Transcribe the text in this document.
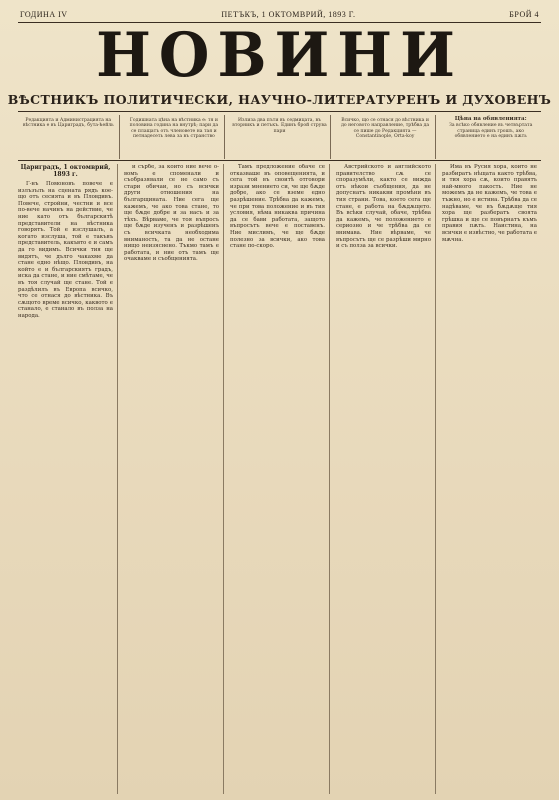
ГОДИНА IV	ПЕТЪКЪ, 1 ОКТОМВРИЙ, 1893 Г.	БРОЙ 4
НОВИНИ
ВѢСТНИКЪ ПОЛИТИЧЕСКИ, НАУЧНО-ЛИТЕРАТУРЕНЪ И ДУХОВЕНЪ
Редакцията и Администрацията на вѣстника е въ Цариградъ, бута-ћейль
Годишната цѣна на вѣстника е: тя и половина година на внутрѣ; пари да се плащатъ отъ членовете на тая и петнадесеть лева за въ странство
Излиза два пъти въ седмицата, въ вторникъ и петъкъ. Единъ брой струва пари
Всичко, що се отнася до вѣстника и до неговото направление, трѣбва да се пише до Редакцията — Constantinople, Orta-koy
Цѣна на обявленията:
За всѣко обявление въ четвъртата страница единъ грошъ, ако обявлението е на единъ пѫть
Цариградъ, 1 октомврий, 1893 г.

Г-нъ Помоновъ повече е излъзълъ на сцената рядъ кое-що отъ сесията и въ Пловдивъ. Повече, стройни, честни и все по-вече начинъ на действие, че ние като отъ българскитѣ представители на вѣстника говорятъ. Той е изслушалъ, а когато изслуша, той е такъвъ представитель, какъвто е и самъ да го видимъ. Всички тия ще видятъ, че дълго чакахме да стане едно нѣщо. Пловдивъ, на който е и българскиятъ градъ, иска да стане, и ние смѣтаме, че въ тоя случай ще стане. Той е раздѣлилъ въ Европа всичко, что се отнася до вѣстника. Въ сѫщото време всичко, каквото е станало, е станало въ полза на народа.

и сърбе, за които ние вече о-вомъ е споменали и съобразявали се не само съ стари обичаи, но съ всички други отношения на българщината. Ние сега ще кажемъ, че ако това стане, то ще бѫде добре и за насъ и за тѣхъ. Вѣрваме, че тоя въпросъ ще бѫде изученъ и разрѣшенъ съ всичката необходима вниманость, та да не остане нищо неизяснено. Тъкмо тамъ е работата, и ние отъ тамъ ще очакваме и съобщенията.

Тамъ предложение обаче се отказваше въ оповещенията, и сега той въ своитѣ отговори изрази мнението си, че ще бѫде добре, ако се вземе едно разрѣшение. Трѣбва да кажемъ, че при това положение и въ тия условия, нѣма никаква причина да се бави работата, защото въпросътъ вече е поставенъ. Ние мислимъ, че ще бѫде полезно за всички, ако това стане по-скоро.

Австрийското и английското правителство сѫ се споразумѣли, както се вижда отъ нѣкои съобщения, да не допуснатъ никакви промѣни въ тия страни. Това, което сега ще стане, е работа на бѫдѫщето. Въ всѣки случай, обаче, трѣбва да кажемъ, че положението е сериозно и че трѣбва да се внимава. Ние вѣрваме, че въпросътъ ще се разрѣши мирно и съ полза за всички.

Има въ Русия хора, които не разбиратъ нѣщата както трѣбва, и тия хора сѫ, които правятъ най-много пакость. Ние не можемъ да не кажемъ, че това е тъжно, но е истина. Трѣбва да се надѣваме, че въ бѫдѫще тия хора ще разбератъ своята грѣшка и ще се повърнатъ къмъ правия пѫть. Наистина, на всички е извѣстно, че работата е мѫчна.
